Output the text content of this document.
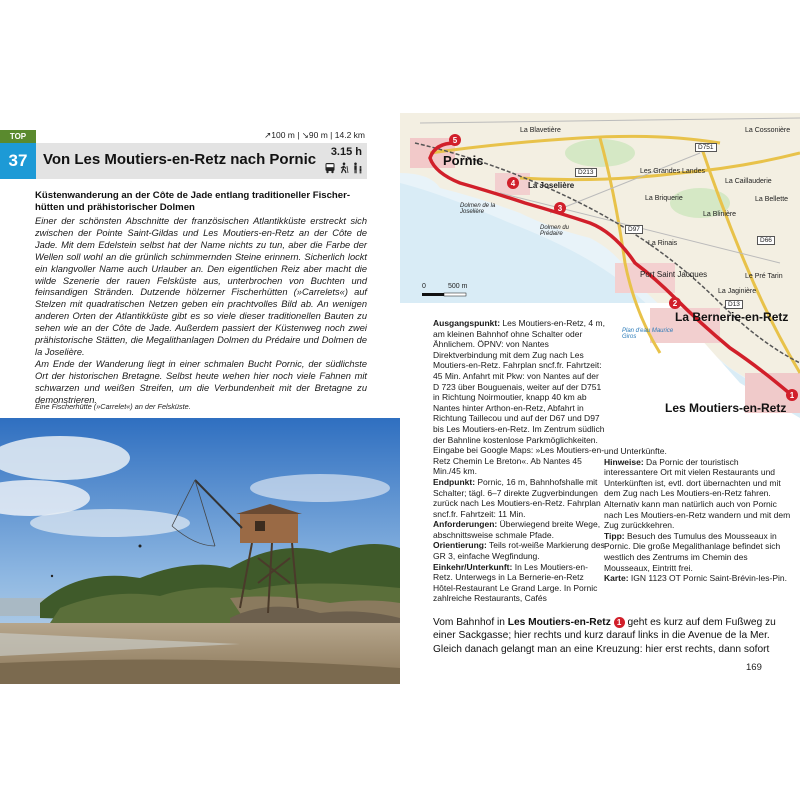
TOP
37
↗100 m | ↘90 m | 14.2 km
Von Les Moutiers-en-Retz nach Pornic	3.15 h
Küstenwanderung an der Côte de Jade entlang traditioneller Fischerhütten und prähistorischer Dolmen

Einer der schönsten Abschnitte der französischen Atlantikküste erstreckt sich zwischen der Pointe Saint-Gildas und Les Moutiers-en-Retz an der Côte de Jade. Mit dem Edelstein selbst hat der Name nichts zu tun, aber die Farbe der Wellen soll wohl an die grünlich schimmernden Steine erinnern. Sicherlich lockt ein klangvoller Name auch Urlauber an. Den eigentlichen Reiz aber macht die wilde Szenerie der rauen Felsküste aus, unterbrochen von Buchten und feinsandigen Stränden. Dutzende hölzerner Fischerhütten (»Carrelets«) auf Stelzen mit quadratischen Netzen geben ein prachtvolles Bild ab. An wenigen anderen Orten der Atlantikküste gibt es so viele dieser traditionellen Bauten zu sehen wie an der Côte de Jade. Außerdem passiert der Küstenweg noch zwei prähistorische Stätten, die Megalithanlagen Dolmen du Prédaire und Dolmen de la Joselière.

Am Ende der Wanderung liegt in einer schmalen Bucht Pornic, der südlichste Ort der historischen Bretagne. Selbst heute wehen hier noch viele Fahnen mit schwarzen und weißen Streifen, um die Verbundenheit mit der Bretagne zu demonstrieren.

Eine Fischerhütte (»Carrelet«) an der Felsküste.
1
2
3
4
5
Pornic
La Blavetière	La Cossonière
D751
D213
La Joselière
Dolmen de la Joselière
Dolmen du Prédaire
Les Grandes Landes
La Caillauderie
La Briquerie	La Bellette
La Blinière
La Rinais
D97
D66
Port Saint Jacques	Le Pré Tarin
La Jaginière
D13
La Bernerie-en-Retz
Plan d'eau Maurice Giros
Les Moutiers-en-Retz
0	500 m
Ausgangspunkt: Les Moutiers-en-Retz, 4 m, am kleinen Bahnhof ohne Schalter oder Ähnlichem. ÖPNV: von Nantes Direktverbindung mit dem Zug nach Les Moutiers-en-Retz. Fahrplan sncf.fr. Fahrtzeit: 45 Min. Anfahrt mit Pkw: von Nantes auf der D 723 über Bouguenais, weiter auf der D751 in Richtung Noirmoutier, knapp 40 km ab Nantes hinter Arthon-en-Retz, Abfahrt in Richtung Taillecou und auf der D67 und D97 bis Les Moutiers-en-Retz. Im Zentrum südlich der Bahnline kostenlose Parkmöglichkeiten. Eingabe bei Google Maps: »Les Moutiers-en-Retz Chemin Le Breton«. Ab Nantes 45 Min./45 km.
Endpunkt: Pornic, 16 m, Bahnhofshalle mit Schalter; tägl. 6–7 direkte Zugverbindungen zurück nach Les Moutiers-en-Retz. Fahrplan sncf.fr. Fahrtzeit: 11 Min.
Anforderungen: Überwiegend breite Wege, abschnittsweise schmale Pfade.
Orientierung: Teils rot-weiße Markierung des GR 3, einfache Wegfindung.
Einkehr/Unterkunft: In Les Moutiers-en-Retz. Unterwegs in La Bernerie-en-Retz Hôtel-Restaurant Le Grand Large. In Pornic zahlreiche Restaurants, Cafés
und Unterkünfte.
Hinweise: Da Pornic der touristisch interessantere Ort mit vielen Restaurants und Unterkünften ist, evtl. dort übernachten und mit dem Zug nach Les Moutiers-en-Retz fahren. Alternativ kann man natürlich auch von Pornic nach Les Moutiers-en-Retz wandern und mit dem Zug zurückkehren.
Tipp: Besuch des Tumulus des Mousseaux in Pornic. Die große Megalithanlage befindet sich westlich des Zentrums im Chemin des Mousseaux, Eintritt frei.
Karte: IGN 1123 OT Pornic Saint-Brévin-les-Pin.
Vom Bahnhof in Les Moutiers-en-Retz 1 geht es kurz auf dem Fußweg zu einer Sackgasse; hier rechts und kurz darauf links in die Avenue de la Mer. Gleich danach gelangt man an eine Kreuzung: hier erst rechts, dann sofort
169
